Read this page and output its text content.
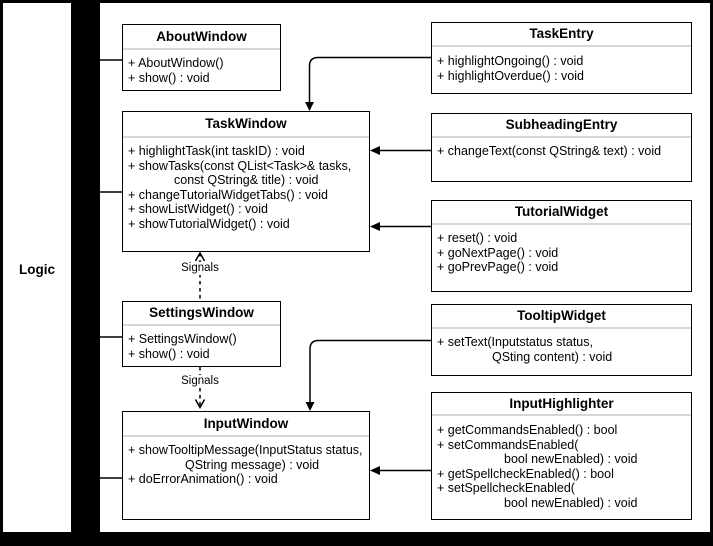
Logic
AboutWindow
+ AboutWindow()
+ show() : void
TaskWindow
+ highlightTask(int taskID) : void
+ showTasks(const QList<Task>& tasks,
const QString& title) : void
+ changeTutorialWidgetTabs() : void
+ showListWidget() : void
+ showTutorialWidget() : void
SettingsWindow
+ SettingsWindow()
+ show() : void
InputWindow
+ showTooltipMessage(InputStatus status,
QString message) : void
+ doErrorAnimation() : void
TaskEntry
+ highlightOngoing() : void
+ highlightOverdue() : void
SubheadingEntry
+ changeText(const QString& text) : void
TutorialWidget
+ reset() : void
+ goNextPage() : void
+ goPrevPage() : void
TooltipWidget
+ setText(Inputstatus status,
QSting content) : void
InputHighlighter
+ getCommandsEnabled() : bool
+ setCommandsEnabled(
bool newEnabled) : void
+ getSpellcheckEnabled() : bool
+ setSpellcheckEnabled(
bool newEnabled) : void
Signals
Signals
